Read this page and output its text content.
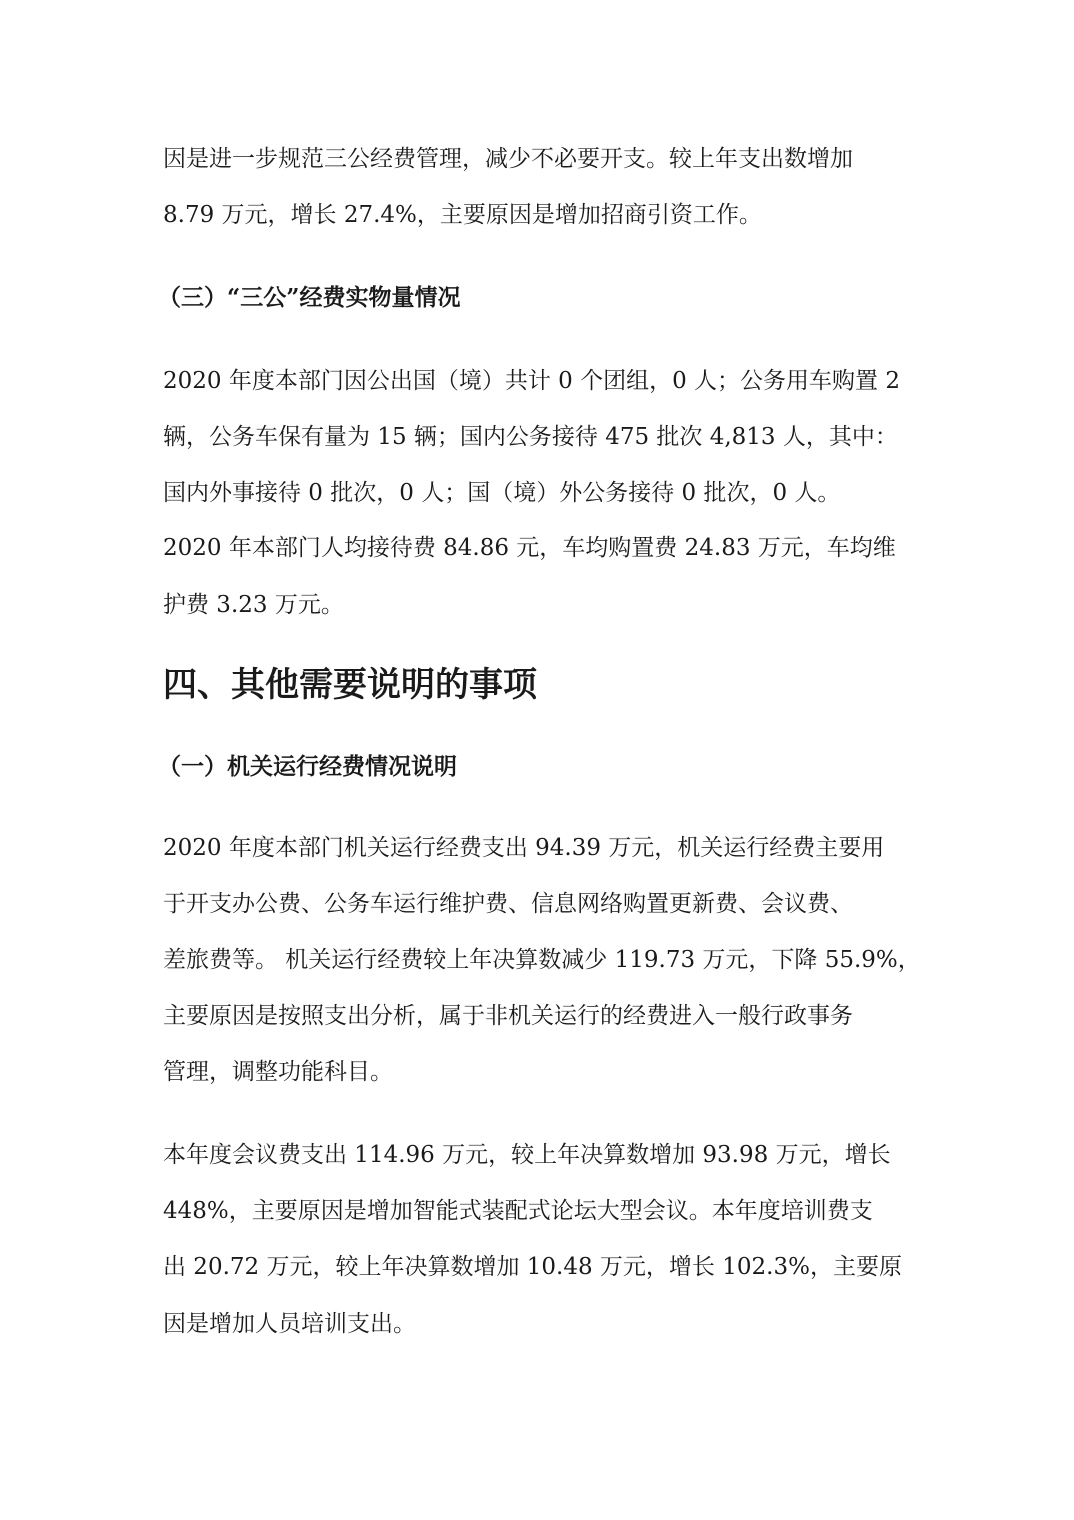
因是进一步规范三公经费管理，减少不必要开支。较上年支出数增加
8.79 万元，增长 27.4%，主要原因是增加招商引资工作。
（三）“三公”经费实物量情况
2020 年度本部门因公出国（境）共计 0 个团组，0 人；公务用车购置 2
辆，公务车保有量为 15 辆；国内公务接待 475 批次 4,813 人，其中：
国内外事接待 0 批次，0 人；国（境）外公务接待 0 批次，0 人。
2020 年本部门人均接待费 84.86 元，车均购置费 24.83 万元，车均维
护费 3.23 万元。
四、其他需要说明的事项
（一）机关运行经费情况说明
2020 年度本部门机关运行经费支出 94.39 万元，机关运行经费主要用
于开支办公费、公务车运行维护费、信息网络购置更新费、会议费、
差旅费等。 机关运行经费较上年决算数减少 119.73 万元，下降 55.9%，
主要原因是按照支出分析，属于非机关运行的经费进入一般行政事务
管理，调整功能科目。
本年度会议费支出 114.96 万元，较上年决算数增加 93.98 万元，增长
448%，主要原因是增加智能式装配式论坛大型会议。本年度培训费支
出 20.72 万元，较上年决算数增加 10.48 万元，增长 102.3%，主要原
因是增加人员培训支出。
